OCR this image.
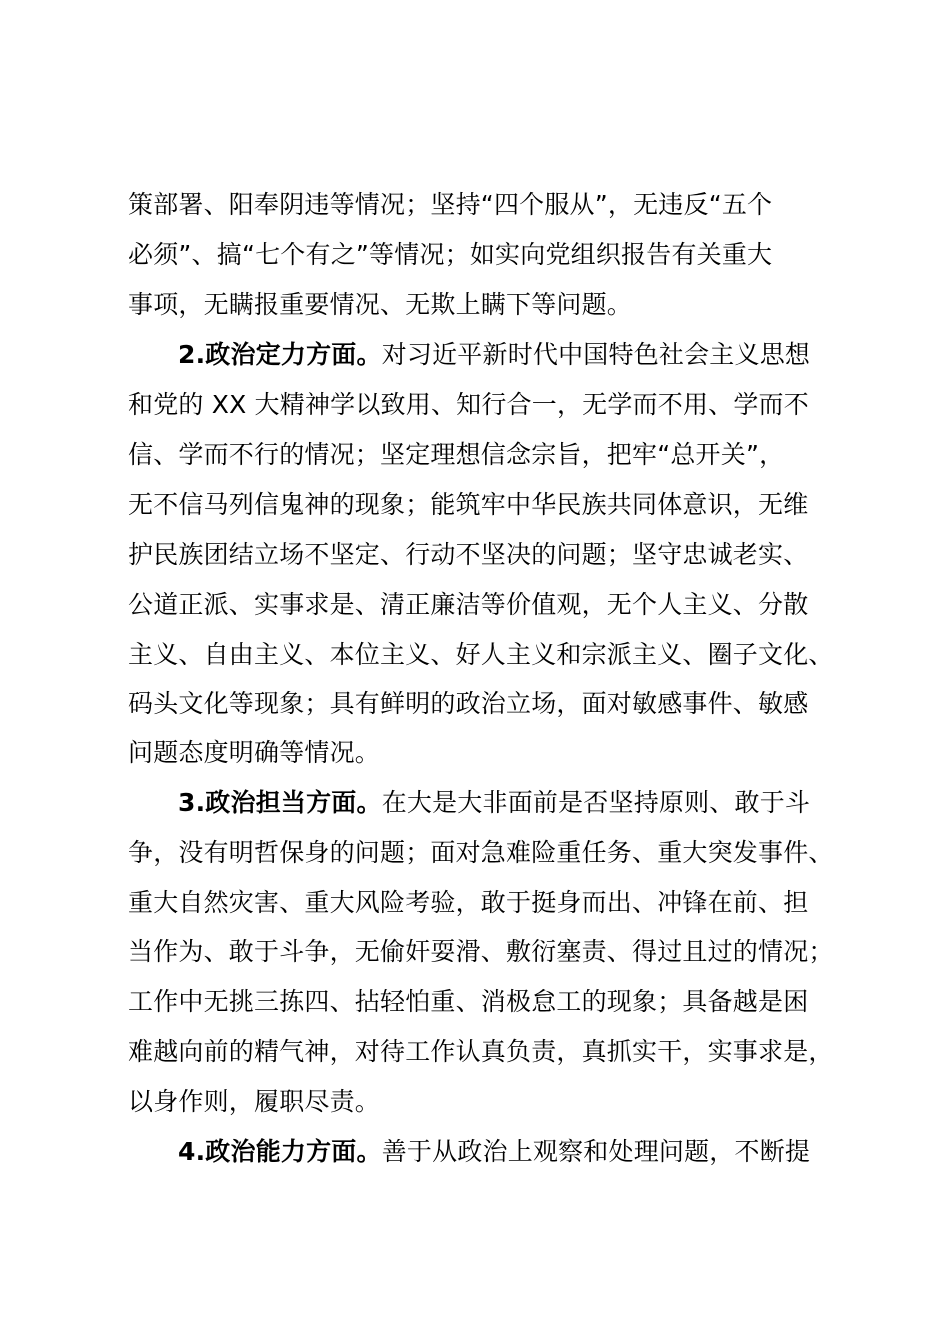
策部署、阳奉阴违等情况；坚持“四个服从”，无违反“五个
必须”、搞“七个有之”等情况；如实向党组织报告有关重大
事项，无瞒报重要情况、无欺上瞒下等问题。
2.政治定力方面。对习近平新时代中国特色社会主义思想
和党的 XX 大精神学以致用、知行合一，无学而不用、学而不
信、学而不行的情况；坚定理想信念宗旨，把牢“总开关”，
无不信马列信鬼神的现象；能筑牢中华民族共同体意识，无维
护民族团结立场不坚定、行动不坚决的问题；坚守忠诚老实、
公道正派、实事求是、清正廉洁等价值观，无个人主义、分散
主义、自由主义、本位主义、好人主义和宗派主义、圈子文化、
码头文化等现象；具有鲜明的政治立场，面对敏感事件、敏感
问题态度明确等情况。
3.政治担当方面。在大是大非面前是否坚持原则、敢于斗
争，没有明哲保身的问题；面对急难险重任务、重大突发事件、
重大自然灾害、重大风险考验，敢于挺身而出、冲锋在前、担
当作为、敢于斗争，无偷奸耍滑、敷衍塞责、得过且过的情况；
工作中无挑三拣四、拈轻怕重、消极怠工的现象；具备越是困
难越向前的精气神，对待工作认真负责，真抓实干，实事求是，
以身作则，履职尽责。
4.政治能力方面。善于从政治上观察和处理问题，不断提
